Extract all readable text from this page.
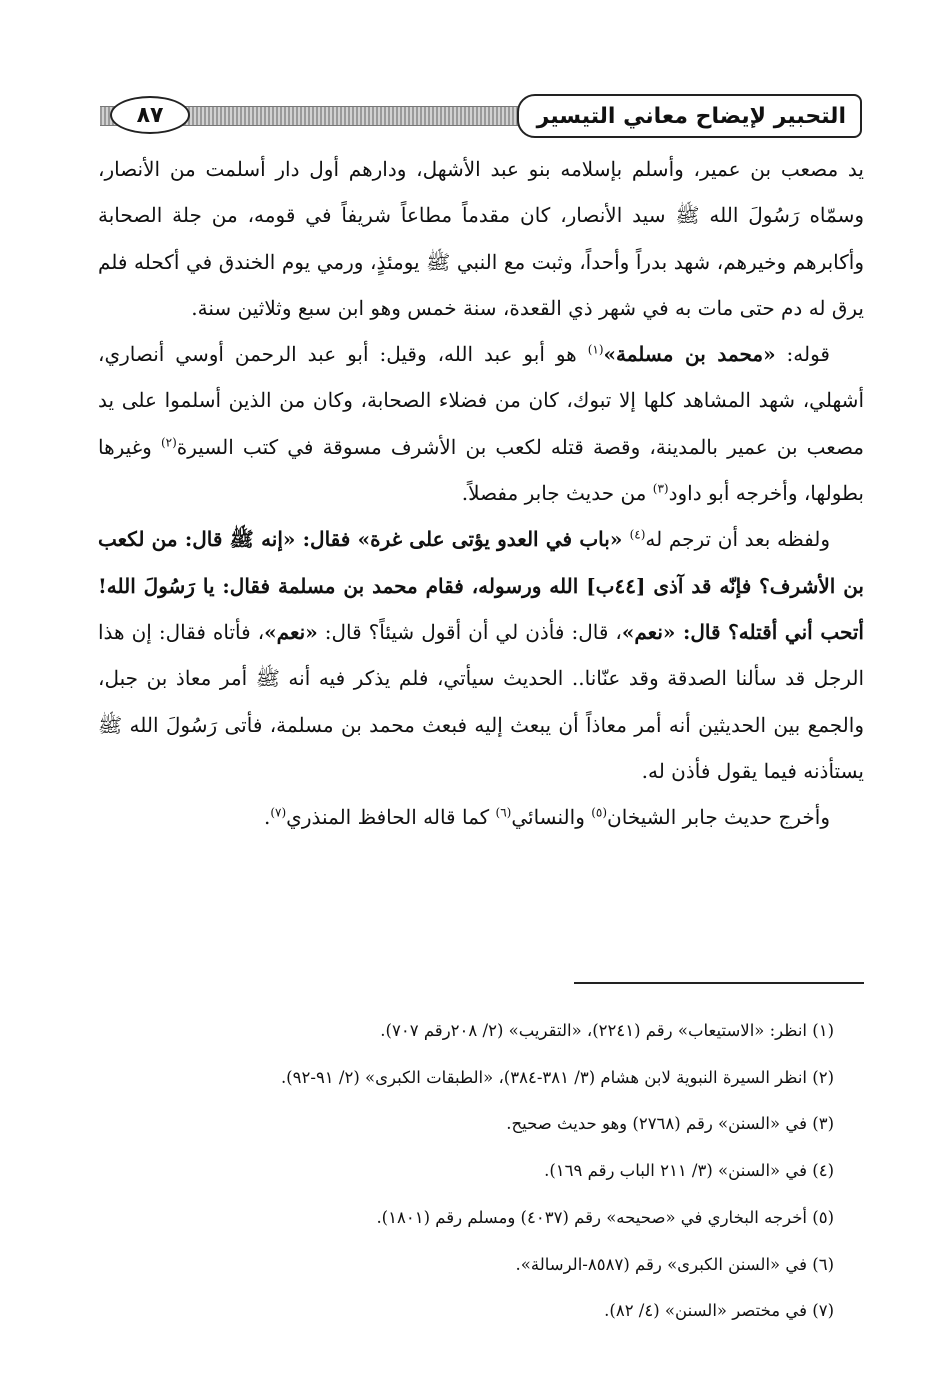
التحبير لإيضاح معاني التيسير
٨٧

يد مصعب بن عمير، وأسلم بإسلامه بنو عبد الأشهل، ودارهم أول دار أسلمت من الأنصار، وسمّاه رَسُولَ الله ﷺ سيد الأنصار، كان مقدماً مطاعاً شريفاً في قومه، من جلة الصحابة وأكابرهم وخيرهم، شهد بدراً وأحداً، وثبت مع النبي ﷺ يومئذٍ، ورمي يوم الخندق في أكحله فلم يرق له دم حتى مات به في شهر ذي القعدة، سنة خمس وهو ابن سبع وثلاثين سنة.

قوله: «محمد بن مسلمة»$^{(١)}$ هو أبو عبد الله، وقيل: أبو عبد الرحمن أوسي أنصاري، أشهلي، شهد المشاهد كلها إلا تبوك، كان من فضلاء الصحابة، وكان من الذين أسلموا على يد مصعب بن عمير بالمدينة، وقصة قتله لكعب بن الأشرف مسوقة في كتب السيرة$^{(٢)}$ وغيرها بطولها، وأخرجه أبو داود$^{(٣)}$ من حديث جابر مفصلاً.

ولفظه بعد أن ترجم له$^{(٤)}$ «باب في العدو يؤتى على غرة» فقال: «إنه ﷺ قال: من لكعب بن الأشرف؟ فإنّه قد آذى [٤٤ب] الله ورسوله، فقام محمد بن مسلمة فقال: يا رَسُولَ الله! أتحب أني أقتله؟ قال: «نعم»، قال: فأذن لي أن أقول شيئاً؟ قال: «نعم»، فأتاه فقال: إن هذا الرجل قد سألنا الصدقة وقد عنّانا.. الحديث سيأتي، فلم يذكر فيه أنه ﷺ أمر معاذ بن جبل، والجمع بين الحديثين أنه أمر معاذاً أن يبعث إليه فبعث محمد بن مسلمة، فأتى رَسُولَ الله ﷺ يستأذنه فيما يقول فأذن له.

وأخرج حديث جابر الشيخان$^{(٥)}$ والنسائي$^{(٦)}$ كما قاله الحافظ المنذري$^{(٧)}$.

(١) انظر: «الاستيعاب» رقم (٢٢٤١)، «التقريب» (٢/ ٢٠٨رقم ٧٠٧).
(٢) انظر السيرة النبوية لابن هشام (٣/ ٣٨١-٣٨٤)، «الطبقات الكبرى» (٢/ ٩١-٩٢).
(٣) في «السنن» رقم (٢٧٦٨) وهو حديث صحيح.
(٤) في «السنن» (٣/ ٢١١ الباب رقم ١٦٩).
(٥) أخرجه البخاري في «صحيحه» رقم (٤٠٣٧) ومسلم رقم (١٨٠١).
(٦) في «السنن الكبرى» رقم (٨٥٨٧-الرسالة».
(٧) في مختصر «السنن» (٤/ ٨٢).
